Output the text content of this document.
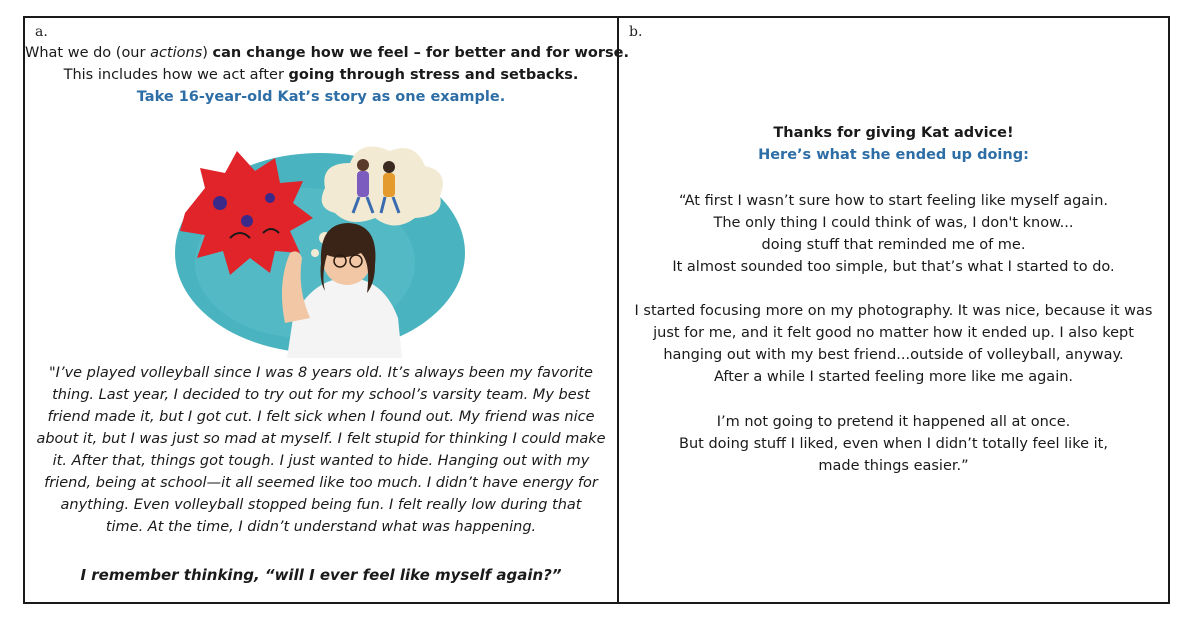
a.
What we do (our actions) can change how we feel – for better and for worse.
This includes how we act after going through stress and setbacks.
Take 16-year-old Kat’s story as one example.
"I’ve played volleyball since I was 8 years old. It’s always been my favorite
thing. Last year, I decided to try out for my school’s varsity team. My best
friend made it, but I got cut. I felt sick when I found out. My friend was nice
about it, but I was just so mad at myself. I felt stupid for thinking I could make
it. After that, things got tough. I just wanted to hide. Hanging out with my
friend, being at school—it all seemed like too much. I didn’t have energy for
anything. Even volleyball stopped being fun. I felt really low during that
time. At the time, I didn’t understand what was happening.
I remember thinking, “will I ever feel like myself again?”
b.
Thanks for giving Kat advice!
Here’s what she ended up doing:
“At first I wasn’t sure how to start feeling like myself again.
The only thing I could think of was, I don't know...
doing stuff that reminded me of me.
It almost sounded too simple, but that’s what I started to do.
I started focusing more on my photography. It was nice, because it was
just for me, and it felt good no matter how it ended up. I also kept
hanging out with my best friend...outside of volleyball, anyway.
After a while I started feeling more like me again.
I’m not going to pretend it happened all at once.
But doing stuff I liked, even when I didn’t totally feel like it,
made things easier.”
